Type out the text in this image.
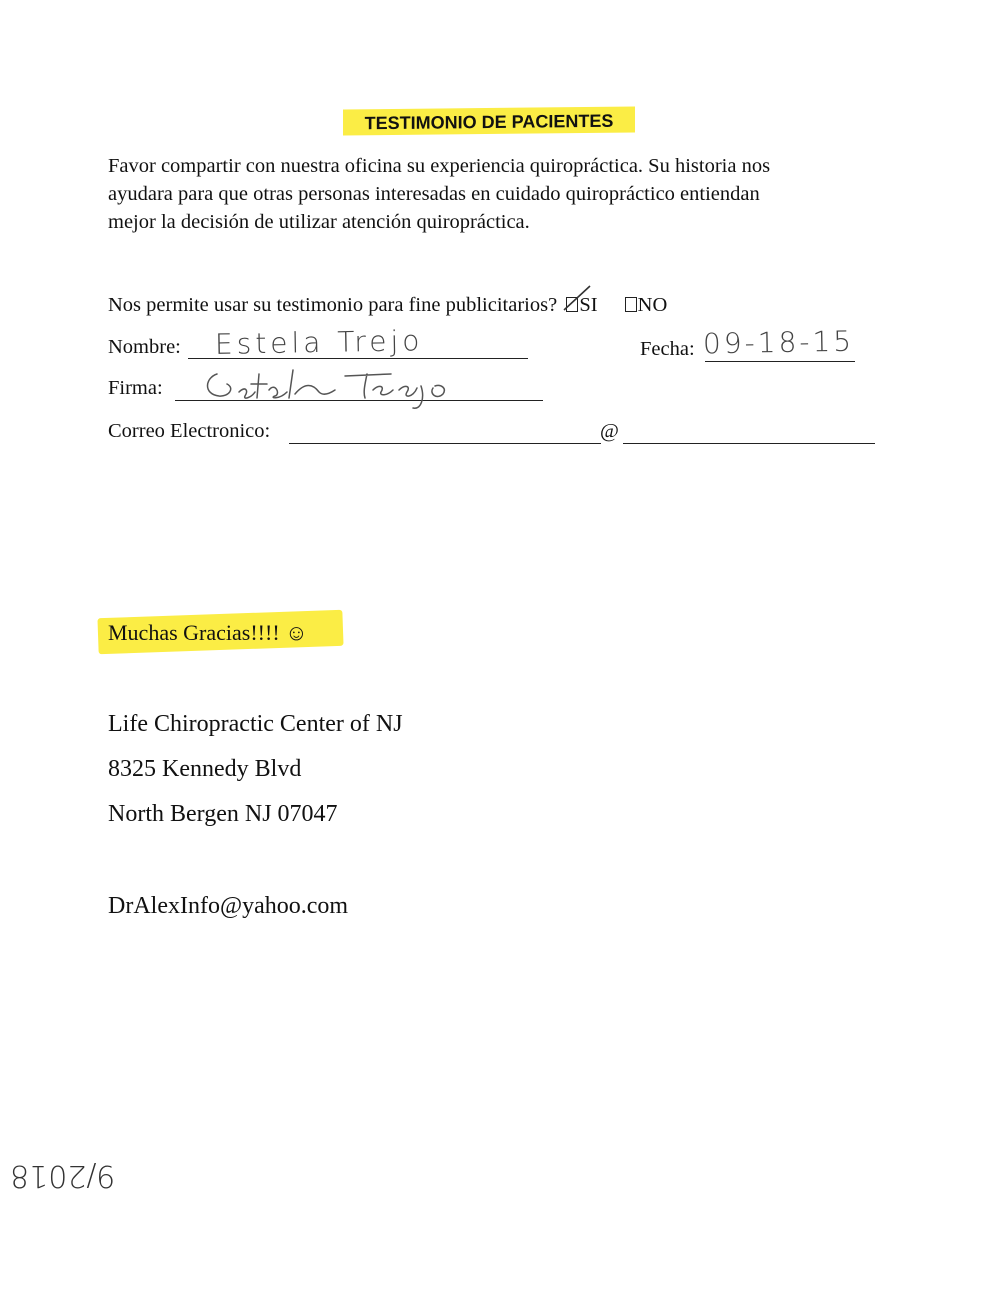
TESTIMONIO DE PACIENTES
Favor compartir con nuestra oficina su experiencia quiropráctica. Su historia nos
ayudara para que otras personas interesadas en cuidado quiropráctico entiendan
mejor la decisión de utilizar atención quiropráctica.
Nos permite usar su testimonio para fine publicitarios? SI NO
Nombre: Estela Trejo	Fecha: 09-18-15
Firma:
Correo Electronico:	@
Muchas Gracias!!!! ☺
Life Chiropractic Center of NJ
8325 Kennedy Blvd
North Bergen NJ 07047
DrAlexInfo@yahoo.com
9/2018
